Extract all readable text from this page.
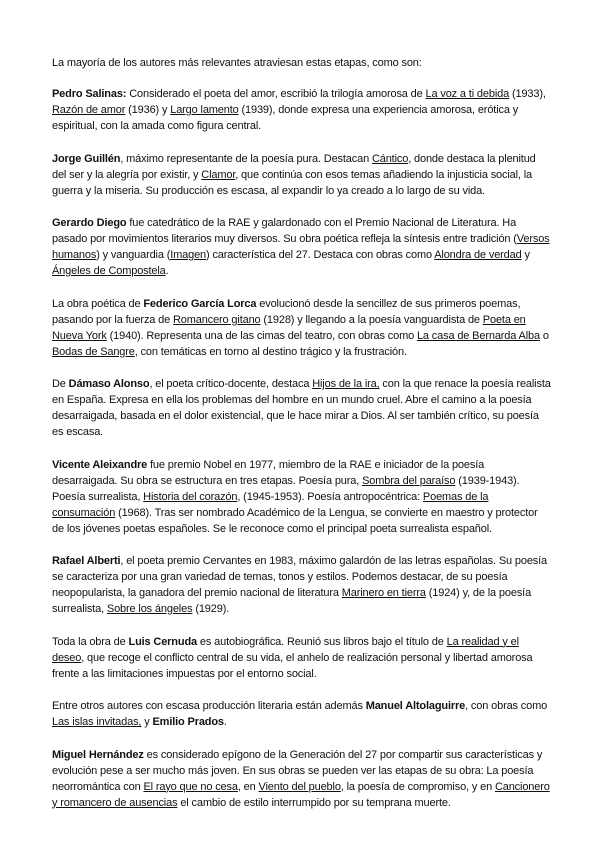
La mayoría de los autores más relevantes atraviesan estas etapas, como son:

Pedro Salinas: Considerado el poeta del amor, escribió la trilogía amorosa de La voz a ti debida (1933), Razón de amor (1936) y Largo lamento (1939), donde expresa una experiencia amorosa, erótica y espiritual, con la amada como figura central.

Jorge Guillén, máximo representante de la poesía pura. Destacan Cántico, donde destaca la plenitud del ser y la alegría por existir, y Clamor, que continúa con esos temas añadiendo la injusticia social, la guerra y la miseria. Su producción es escasa, al expandir lo ya creado a lo largo de su vida.

Gerardo Diego fue catedrático de la RAE y galardonado con el Premio Nacional de Literatura. Ha pasado por movimientos literarios muy diversos. Su obra poética refleja la síntesis entre tradición (Versos humanos) y vanguardia (Imagen) característica del 27. Destaca con obras como Alondra de verdad y Ángeles de Compostela.

La obra poética de Federico García Lorca evolucionó desde la sencillez de sus primeros poemas, pasando por la fuerza de Romancero gitano (1928) y llegando a la poesía vanguardista de Poeta en Nueva York (1940). Representa una de las cimas del teatro, con obras como La casa de Bernarda Alba o Bodas de Sangre, con temáticas en torno al destino trágico y la frustración.

De Dámaso Alonso, el poeta crítico-docente, destaca Hijos de la ira, con la que renace la poesía realista en España. Expresa en ella los problemas del hombre en un mundo cruel. Abre el camino a la poesía desarraigada, basada en el dolor existencial, que le hace mirar a Dios. Al ser también crítico, su poesía es escasa.

Vicente Aleixandre fue premio Nobel en 1977, miembro de la RAE e iniciador de la poesía desarraigada. Su obra se estructura en tres etapas. Poesía pura, Sombra del paraíso (1939-1943). Poesía surrealista, Historia del corazón, (1945-1953). Poesía antropocéntrica: Poemas de la consumación (1968). Tras ser nombrado Académico de la Lengua, se convierte en maestro y protector de los jóvenes poetas españoles. Se le reconoce como el principal poeta surrealista español.

Rafael Alberti, el poeta premio Cervantes en 1983, máximo galardón de las letras españolas. Su poesía se caracteriza por una gran variedad de temas, tonos y estilos. Podemos destacar, de su poesía neopopularista, la ganadora del premio nacional de literatura Marinero en tierra (1924) y, de la poesía surrealista, Sobre los ángeles (1929).

Toda la obra de Luis Cernuda es autobiográfica. Reunió sus libros bajo el título de La realidad y el deseo, que recoge el conflicto central de su vida, el anhelo de realización personal y libertad amorosa frente a las limitaciones impuestas por el entorno social.

Entre otros autores con escasa producción literaria están además Manuel Altolaguirre, con obras como Las islas invitadas, y Emilio Prados.

Miguel Hernández es considerado epígono de la Generación del 27 por compartir sus características y evolución pese a ser mucho más joven. En sus obras se pueden ver las etapas de su obra: La poesía neorromántica con El rayo que no cesa, en Viento del pueblo, la poesía de compromiso, y en Cancionero y romancero de ausencias el cambio de estilo interrumpido por su temprana muerte.
